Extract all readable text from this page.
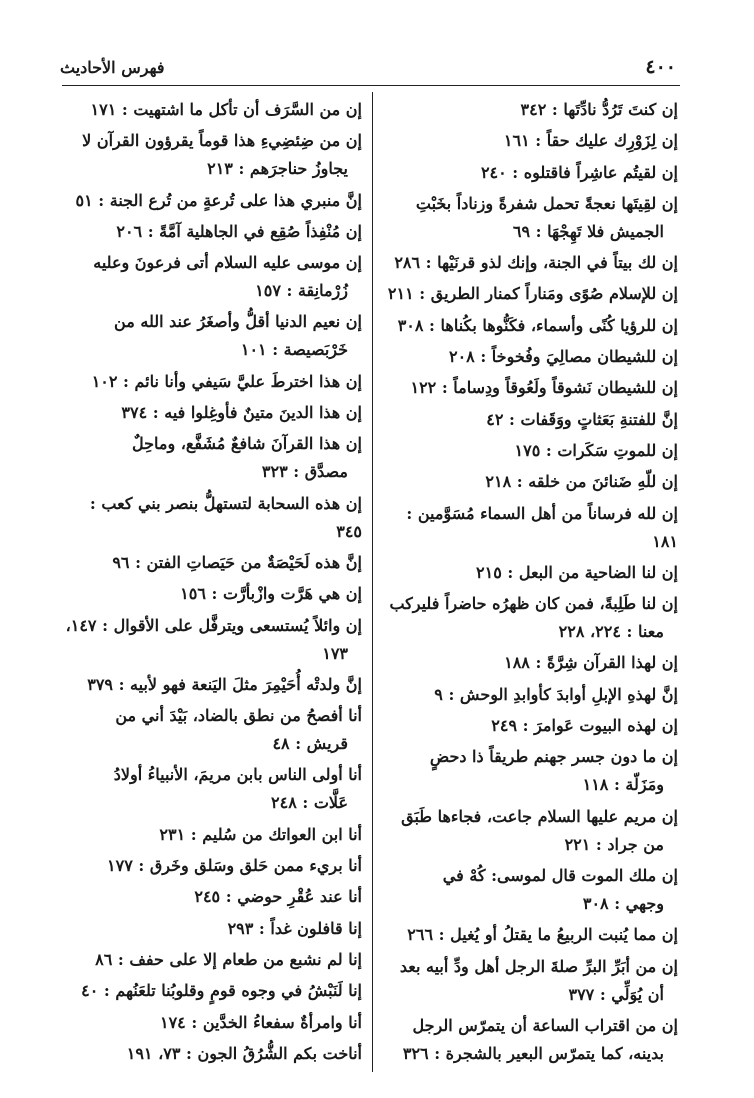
٤٠٠
فهرس الأحاديث
إن كنتَ تَرُدُّ نادِّتَها : ٣٤٢
إن لِزَوْرِك عليك حقاً : ١٦١
إن لقيتُم عاشِراً فاقتلوه : ٢٤٠
إن لقِيتَها نعجةً تحمل شفرةً وزناداً بخَبْتِ
الجميش فلا تَهِجْهَا : ٦٩
إن لك بيتاً في الجنة، وإنك لذو قرنَيْها : ٢٨٦
إن للإسلام صُوًى ومَناراً كمنار الطريق : ٢١١
إن للرؤيا كُنًى وأسماء، فكَنُّوها بكُناها : ٣٠٨
إن للشيطان مصالِيَ وفُخوخاً : ٢٠٨
إن للشيطان نَشوقاً ولَعُوقاً ودِساماً : ١٢٢
إنَّ للفتنةِ بَعَثاتٍ ووَقَفات : ٤٢
إن للموتِ سَكَرات : ١٧٥
إن للّهِ ضَنائنَ من خلقه : ٢١٨
إن لله فرساناً من أهل السماء مُسَوَّمين : ١٨١
إن لنا الضاحية من البعل : ٢١٥
إن لنا طَلِبةً، فمن كان ظهرُه حاضراً فليركب
معنا : ٢٢٤، ٢٢٨
إن لهذا القرآن شِرَّةً : ١٨٨
إنَّ لهذهِ الإبلِ أوابدَ كأوابدِ الوحش : ٩
إن لهذه البيوت عَوامرَ : ٢٤٩
إن ما دون جسر جهنم طريقاً ذا دحضٍ
ومَزَلّة : ١١٨
إن مريم عليها السلام جاعت، فجاءها طَبَق
من جراد : ٢٢١
إن ملك الموت قال لموسى: كُهْ في
وجهي : ٣٠٨
إن مما يُنبت الربيعُ ما يقتلُ أو يُغيل : ٢٦٦
إن من أبَرِّ البرِّ صلةَ الرجل أهل ودِّ أبيه بعد
أن يُوَلِّي : ٣٧٧
إن من اقتراب الساعة أن يتمرّس الرجل
بدينه، كما يتمرّس البعير بالشجرة : ٣٢٦
إن من السَّرَف أن تأكل ما اشتهيت : ١٧١
إن من ضِئضِيءِ هذا قوماً يقرؤون القرآن لا
يجاوزُ حناجرَهم : ٢١٣
إنَّ منبري هذا على تُرعةٍ من تُرع الجنة : ٥١
إن مُنْفِذاً صُقِع في الجاهلية آمَّةً : ٢٠٦
إن موسى عليه السلام أتى فرعونَ وعليه
زُرْمانِقة : ١٥٧
إن نعيم الدنيا أقلُّ وأصغَرُ عند الله من
خَرْبَصيصة : ١٠١
إن هذا اخترطَ عليَّ سَيفي وأنا نائم : ١٠٢
إن هذا الدينَ متينٌ فأوغِلوا فيه : ٣٧٤
إن هذا القرآنَ شافعٌ مُشَفَّع، وماحِلٌ
مصدَّق : ٣٢٣
إن هذه السحابة لتستهلُّ بنصر بني كعب : ٣٤٥
إنَّ هذه لَحَيْصَةٌ من حَيَصاتِ الفتن : ٩٦
إن هي هَرَّت وازْبأرَّت : ١٥٦
إن وائلاً يُستسعى ويترفَّل على الأقوال : ١٤٧،
١٧٣
إنَّ ولدتْه أُحَيْمِرَ مثلَ اليَنعة فهو لأبيه : ٣٧٩
أنا أفصحُ من نطق بالضاد، بَيْدَ أني من
قريش : ٤٨
أنا أولى الناس بابن مريمَ، الأنبياءُ أولادُ
عَلَّات : ٢٤٨
أنا ابن العواتك من سُليم : ٢٣١
أنا بريء ممن حَلق وسَلق وخَرق : ١٧٧
أنا عند عُقْرِ حوضي : ٢٤٥
إنا قافلون غداً : ٢٩٣
إنا لم نشبع من طعام إلا على حفف : ٨٦
إنا لَنَبْشُ في وجوه قومٍ وقلوبُنا تلعَنُهم : ٤٠
أنا وامرأةٌ سفعاءُ الخدَّين : ١٧٤
أناخت بكم الشُّرُقُ الجون : ٧٣، ١٩١
